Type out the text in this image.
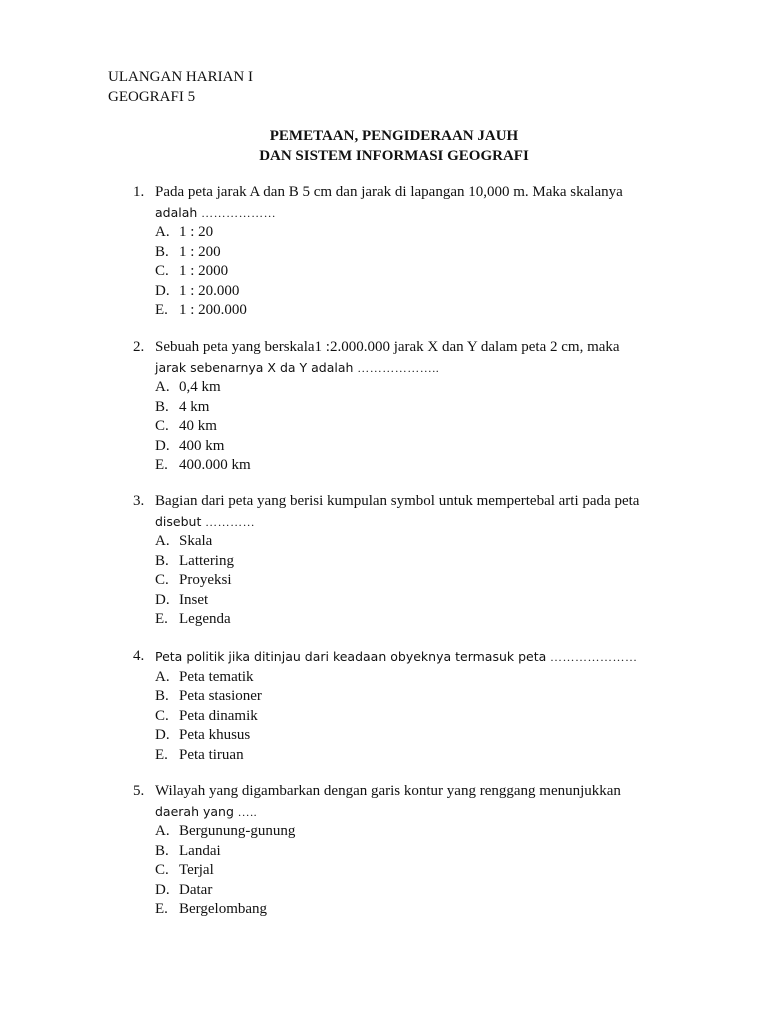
ULANGAN HARIAN I
GEOGRAFI 5
PEMETAAN, PENGIDERAAN JAUH
DAN SISTEM INFORMASI GEOGRAFI
1. Pada peta jarak A dan B 5 cm dan jarak di lapangan 10,000 m. Maka skalanya
adalah ………………
A. 1 : 20
B. 1 : 200
C. 1 : 2000
D. 1 : 20.000
E. 1 : 200.000
2. Sebuah peta yang berskala1 :2.000.000 jarak X dan Y dalam peta 2 cm, maka
jarak sebenarnya X da Y adalah ………………..
A. 0,4 km
B. 4 km
C. 40 km
D. 400 km
E. 400.000 km
3. Bagian dari peta yang berisi kumpulan symbol untuk mempertebal arti pada peta
disebut …………
A. Skala
B. Lattering
C. Proyeksi
D. Inset
E. Legenda
4. Peta politik jika ditinjau dari keadaan obyeknya termasuk peta …………………
A. Peta tematik
B. Peta stasioner
C. Peta dinamik
D. Peta khusus
E. Peta tiruan
5. Wilayah yang digambarkan dengan garis kontur yang renggang menunjukkan
daerah yang …..
A. Bergunung-gunung
B. Landai
C. Terjal
D. Datar
E. Bergelombang
